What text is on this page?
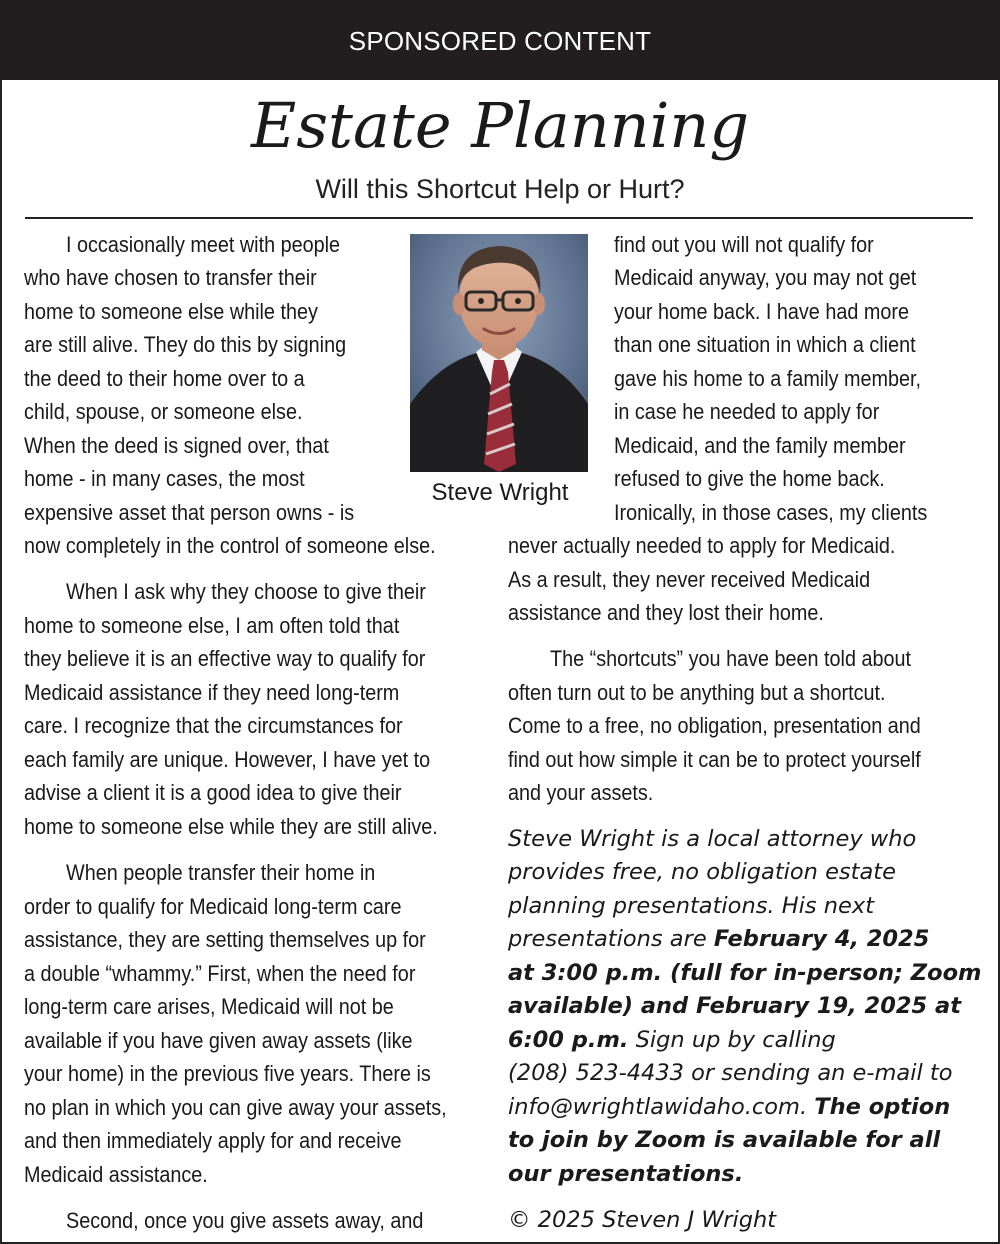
SPONSORED CONTENT
Estate Planning
Will this Shortcut Help or Hurt?
Steve Wright
I occasionally meet with people
who have chosen to transfer their
home to someone else while they
are still alive. They do this by signing
the deed to their home over to a
child, spouse, or someone else.
When the deed is signed over, that
home - in many cases, the most
expensive asset that person owns - is
now completely in the control of someone else.
When I ask why they choose to give their
home to someone else, I am often told that
they believe it is an effective way to qualify for
Medicaid assistance if they need long-term
care. I recognize that the circumstances for
each family are unique. However, I have yet to
advise a client it is a good idea to give their
home to someone else while they are still alive.
When people transfer their home in
order to qualify for Medicaid long-term care
assistance, they are setting themselves up for
a double “whammy.” First, when the need for
long-term care arises, Medicaid will not be
available if you have given away assets (like
your home) in the previous five years. There is
no plan in which you can give away your assets,
and then immediately apply for and receive
Medicaid assistance.
Second, once you give assets away, and
find out you will not qualify for
Medicaid anyway, you may not get
your home back. I have had more
than one situation in which a client
gave his home to a family member,
in case he needed to apply for
Medicaid, and the family member
refused to give the home back.
Ironically, in those cases, my clients
never actually needed to apply for Medicaid.
As a result, they never received Medicaid
assistance and they lost their home.
The “shortcuts” you have been told about
often turn out to be anything but a shortcut.
Come to a free, no obligation, presentation and
find out how simple it can be to protect yourself
and your assets.
Steve Wright is a local attorney who
provides free, no obligation estate
planning presentations. His next
presentations are February 4, 2025
at 3:00 p.m. (full for in-person; Zoom
available) and February 19, 2025 at
6:00 p.m. Sign up by calling
(208) 523-4433 or sending an e-mail to
info@wrightlawidaho.com. The option
to join by Zoom is available for all
our presentations.
© 2025 Steven J Wright
